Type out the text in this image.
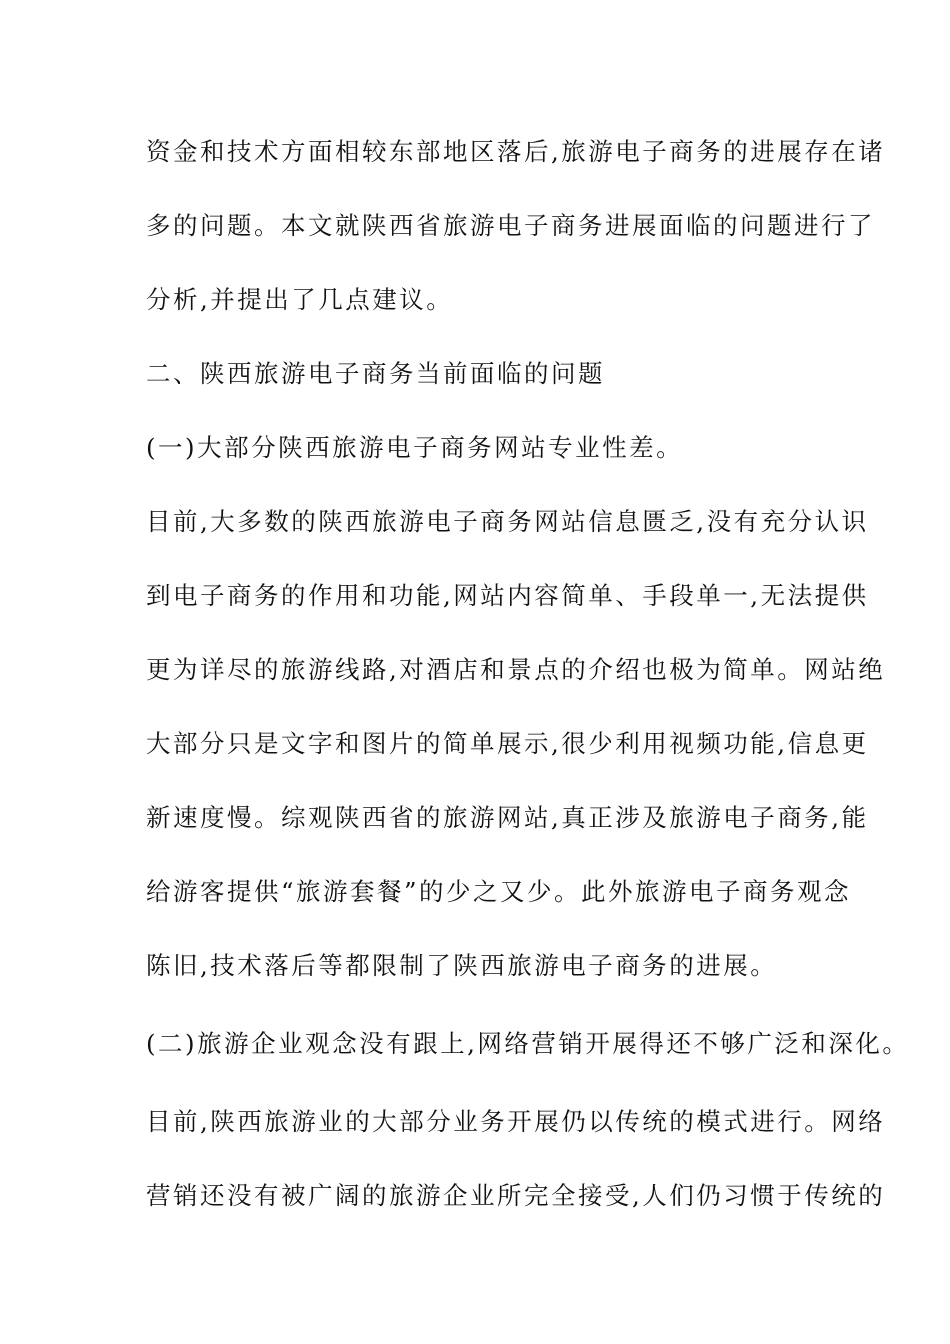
资金和技术方面相较东部地区落后,旅游电子商务的进展存在诸
多的问题。本文就陕西省旅游电子商务进展面临的问题进行了
分析,并提出了几点建议。
二、陕西旅游电子商务当前面临的问题
(一)大部分陕西旅游电子商务网站专业性差。
目前,大多数的陕西旅游电子商务网站信息匮乏,没有充分认识
到电子商务的作用和功能,网站内容简单、手段单一,无法提供
更为详尽的旅游线路,对酒店和景点的介绍也极为简单。网站绝
大部分只是文字和图片的简单展示,很少利用视频功能,信息更
新速度慢。综观陕西省的旅游网站,真正涉及旅游电子商务,能
给游客提供“旅游套餐”的少之又少。此外旅游电子商务观念
陈旧,技术落后等都限制了陕西旅游电子商务的进展。
(二)旅游企业观念没有跟上,网络营销开展得还不够广泛和深化。
目前,陕西旅游业的大部分业务开展仍以传统的模式进行。网络
营销还没有被广阔的旅游企业所完全接受,人们仍习惯于传统的
